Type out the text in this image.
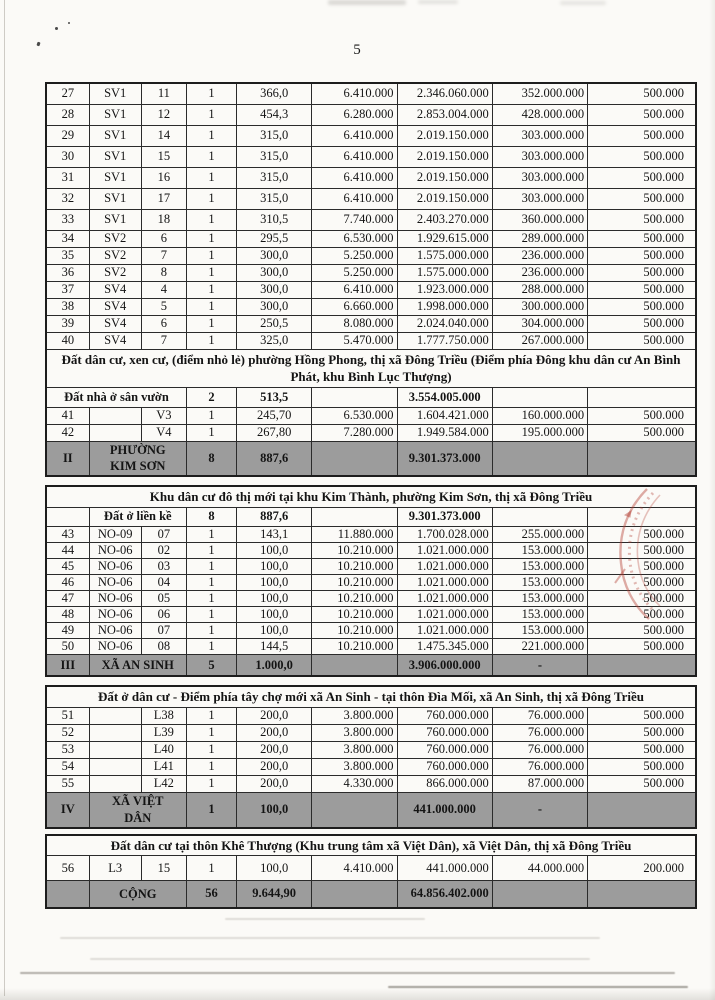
5
27	SV1	11	1	366,0	6.410.000	2.346.060.000	352.000.000	500.000
28	SV1	12	1	454,3	6.280.000	2.853.004.000	428.000.000	500.000
29	SV1	14	1	315,0	6.410.000	2.019.150.000	303.000.000	500.000
30	SV1	15	1	315,0	6.410.000	2.019.150.000	303.000.000	500.000
31	SV1	16	1	315,0	6.410.000	2.019.150.000	303.000.000	500.000
32	SV1	17	1	315,0	6.410.000	2.019.150.000	303.000.000	500.000
33	SV1	18	1	310,5	7.740.000	2.403.270.000	360.000.000	500.000
34	SV2	6	1	295,5	6.530.000	1.929.615.000	289.000.000	500.000
35	SV2	7	1	300,0	5.250.000	1.575.000.000	236.000.000	500.000
36	SV2	8	1	300,0	5.250.000	1.575.000.000	236.000.000	500.000
37	SV4	4	1	300,0	6.410.000	1.923.000.000	288.000.000	500.000
38	SV4	5	1	300,0	6.660.000	1.998.000.000	300.000.000	500.000
39	SV4	6	1	250,5	8.080.000	2.024.040.000	304.000.000	500.000
40	SV4	7	1	325,0	5.470.000	1.777.750.000	267.000.000	500.000
Đất dân cư, xen cư, (điểm nhỏ lẻ) phường Hồng Phong, thị xã Đông Triều (Điểm phía Đông khu dân cư An Bình Phát, khu Bình Lục Thượng)								
Đất nhà ở sân vườn			2	513,5		3.554.005.000		
41		V3	1	245,70	6.530.000	1.604.421.000	160.000.000	500.000
42		V4	1	267,80	7.280.000	1.949.584.000	195.000.000	500.000
II	PHƯỜNG KIM SƠN		8	887,6		9.301.373.000		
Khu dân cư đô thị mới tại khu Kim Thành, phường Kim Sơn, thị xã Đông Triều								
	Đất ở liền kề		8	887,6		9.301.373.000		
43	NO-09	07	1	143,1	11.880.000	1.700.028.000	255.000.000	500.000
44	NO-06	02	1	100,0	10.210.000	1.021.000.000	153.000.000	500.000
45	NO-06	03	1	100,0	10.210.000	1.021.000.000	153.000.000	500.000
46	NO-06	04	1	100,0	10.210.000	1.021.000.000	153.000.000	500.000
47	NO-06	05	1	100,0	10.210.000	1.021.000.000	153.000.000	500.000
48	NO-06	06	1	100,0	10.210.000	1.021.000.000	153.000.000	500.000
49	NO-06	07	1	100,0	10.210.000	1.021.000.000	153.000.000	500.000
50	NO-06	08	1	144,5	10.210.000	1.475.345.000	221.000.000	500.000
III	XÃ AN SINH		5	1.000,0		3.906.000.000	-	
Đất ở dân cư - Điểm phía tây chợ mới xã An Sinh - tại thôn Đìa Mối, xã An Sinh, thị xã Đông Triều								
51		L38	1	200,0	3.800.000	760.000.000	76.000.000	500.000
52		L39	1	200,0	3.800.000	760.000.000	76.000.000	500.000
53		L40	1	200,0	3.800.000	760.000.000	76.000.000	500.000
54		L41	1	200,0	3.800.000	760.000.000	76.000.000	500.000
55		L42	1	200,0	4.330.000	866.000.000	87.000.000	500.000
IV	XÃ VIỆT DÂN		1	100,0		441.000.000	-	
Đất dân cư tại thôn Khê Thượng (Khu trung tâm xã Việt Dân), xã Việt Dân, thị xã Đông Triều								
56	L3	15	1	100,0	4.410.000	441.000.000	44.000.000	200.000
	CỘNG		56	9.644,90		64.856.402.000		
